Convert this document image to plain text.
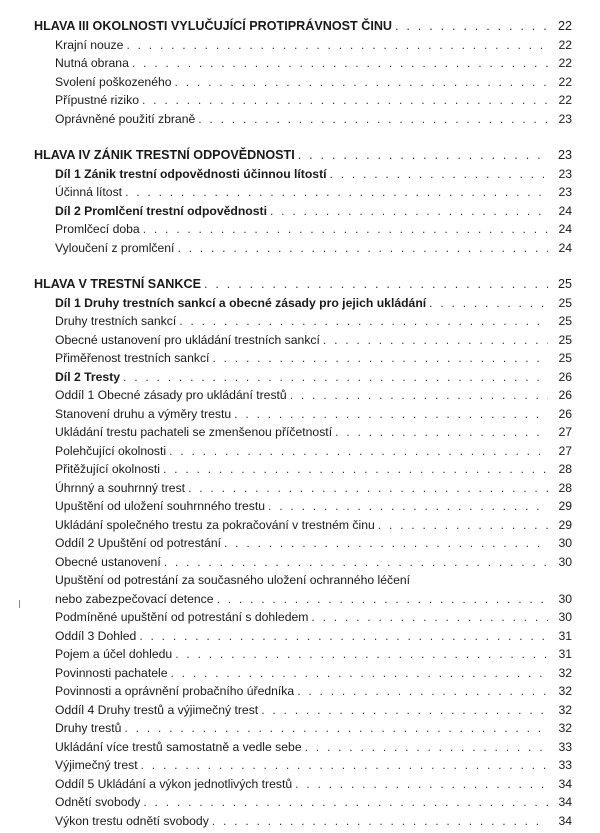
HLAVA III OKOLNOSTI VYLUČUJÍCÍ PROTIPRÁVNOST ČINU . . .	22
Krajní nouze . . .	22
Nutná obrana . . .	22
Svolení poškozeného . . .	22
Přípustné riziko . . .	22
Oprávněné použití zbraně . . .	23
HLAVA IV ZÁNIK TRESTNÍ ODPOVĚDNOSTI . . .	23
Díl 1 Zánik trestní odpovědnosti účinnou lítostí . . .	23
Účinná lítost . . .	23
Díl 2 Promlčení trestní odpovědnosti . . .	24
Promlčecí doba . . .	24
Vyloučení z promlčení . . .	24
HLAVA V TRESTNÍ SANKCE . . .	25
Díl 1 Druhy trestních sankcí a obecné zásady pro jejich ukládání . . .	25
Druhy trestních sankcí . . .	25
Obecné ustanovení pro ukládání trestních sankcí . . .	25
Přiměřenost trestních sankcí . . .	25
Díl 2 Tresty . . .	26
Oddíl 1 Obecné zásady pro ukládání trestů . . .	26
Stanovení druhu a výměry trestu . . .	26
Ukládání trestu pachateli se zmenšenou příčetností . . .	27
Polehčující okolnosti . . .	27
Přitěžující okolnosti . . .	28
Úhrnný a souhrnný trest . . .	28
Upuštění od uložení souhrnného trestu . . .	29
Ukládání společného trestu za pokračování v trestném činu . . .	29
Oddíl 2 Upuštění od potrestání . . .	30
Obecné ustanovení . . .	30
Upuštění od potrestání za současného uložení ochranného léčení
nebo zabezpečovací detence . . .	30
Podmíněné upuštění od potrestání s dohledem . . .	30
Oddíl 3 Dohled . . .	31
Pojem a účel dohledu . . .	31
Povinnosti pachatele . . .	32
Povinnosti a oprávnění probačního úředníka . . .	32
Oddíl 4 Druhy trestů a výjimečný trest . . .	32
Druhy trestů . . .	32
Ukládání více trestů samostatně a vedle sebe . . .	33
Výjimečný trest . . .	33
Oddíl 5 Ukládání a výkon jednotlivých trestů . . .	34
Odnětí svobody . . .	34
Výkon trestu odnětí svobody . . .	34
